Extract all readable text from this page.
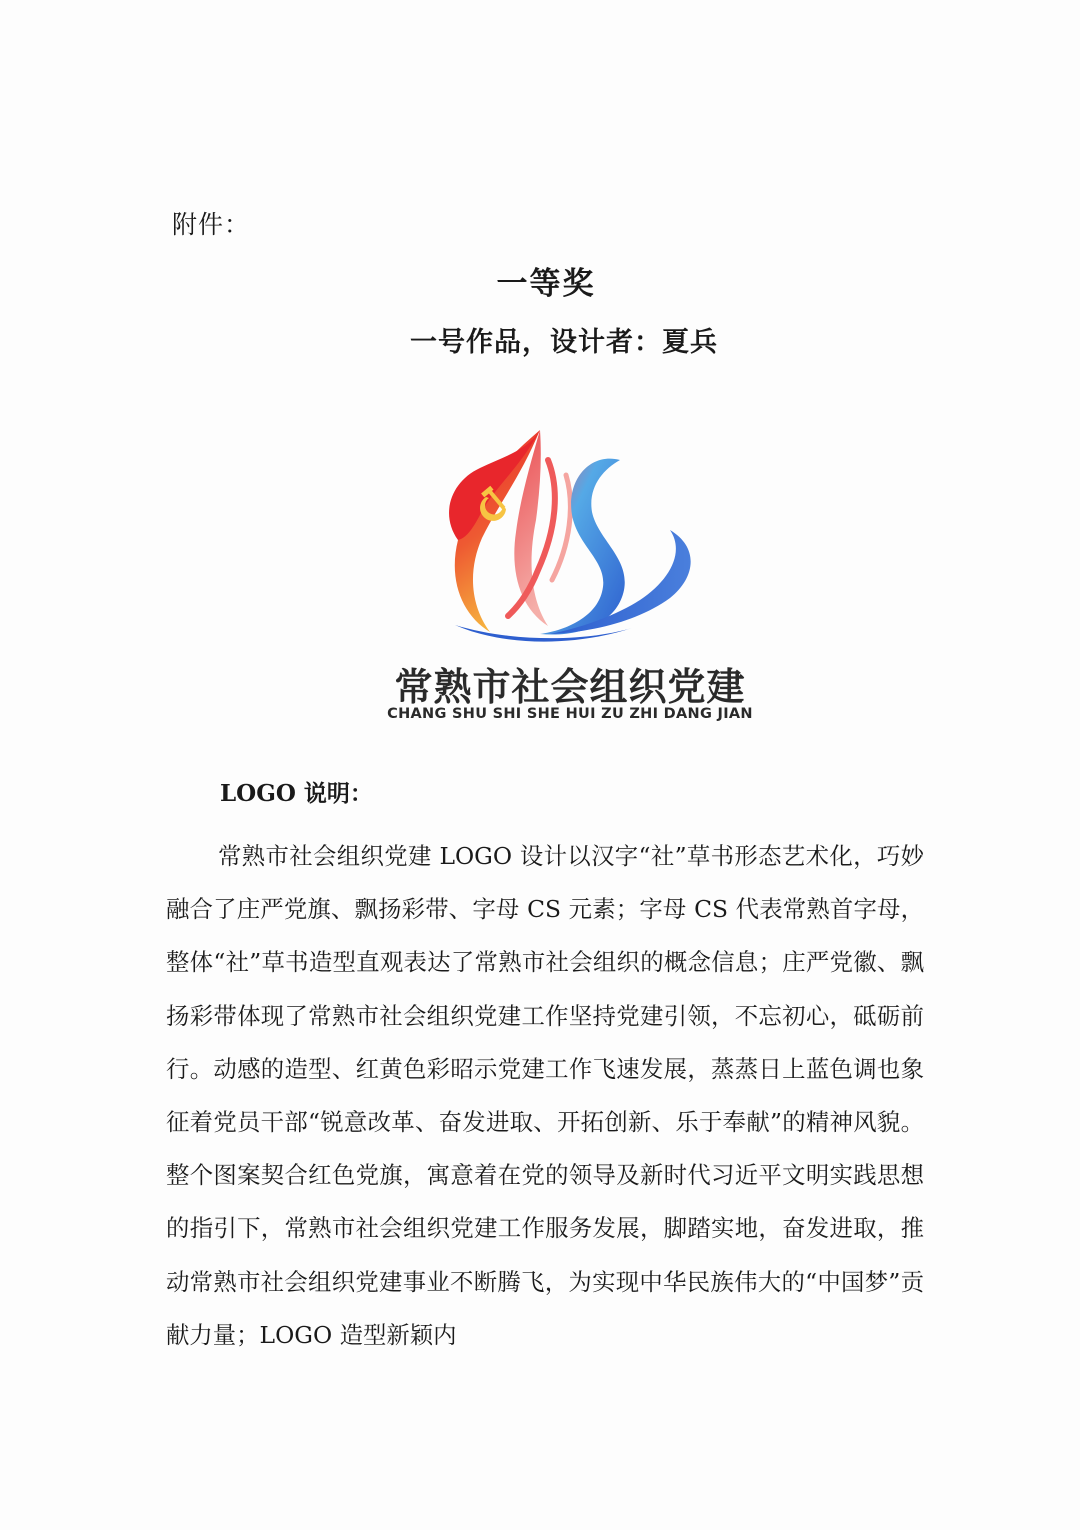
附件：
一等奖
一号作品，设计者：夏兵
常熟市社会组织党建
CHANG SHU SHI SHE HUI ZU ZHI DANG JIAN
LOGO 说明：

常熟市社会组织党建 LOGO 设计以汉字“社”草书形态艺术化，巧妙融合了庄严党旗、飘扬彩带、字母 CS 元素；字母 CS 代表常熟首字母，整体“社”草书造型直观表达了常熟市社会组织的概念信息；庄严党徽、飘扬彩带体现了常熟市社会组织党建工作坚持党建引领，不忘初心，砥砺前行。动感的造型、红黄色彩昭示党建工作飞速发展，蒸蒸日上蓝色调也象征着党员干部“锐意改革、奋发进取、开拓创新、乐于奉献”的精神风貌。整个图案契合红色党旗，寓意着在党的领导及新时代习近平文明实践思想的指引下，常熟市社会组织党建工作服务发展，脚踏实地，奋发进取，推动常熟市社会组织党建事业不断腾飞，为实现中华民族伟大的“中国梦”贡献力量；LOGO 造型新颖内
